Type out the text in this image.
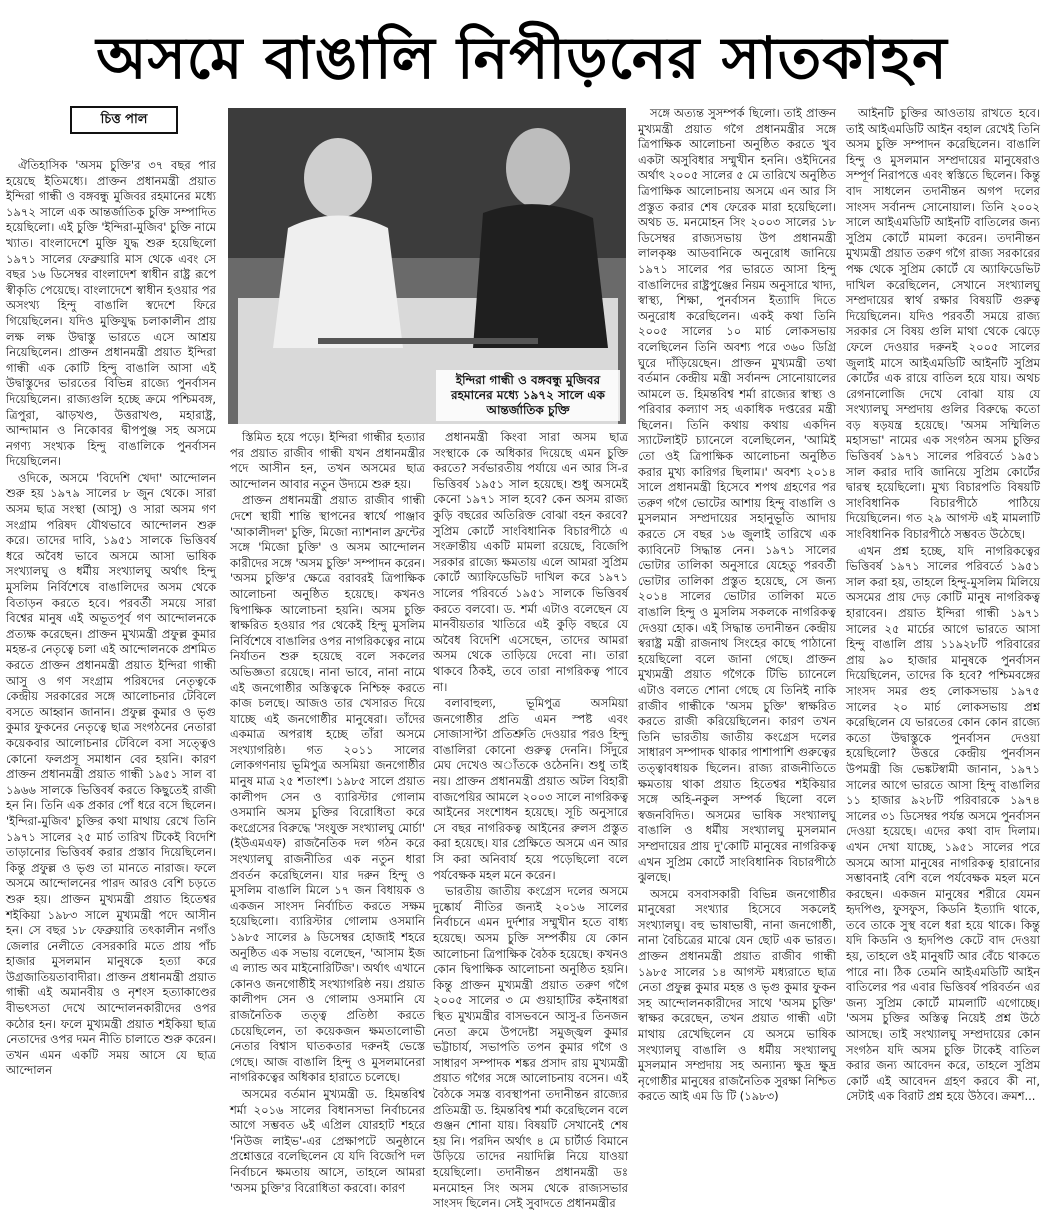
অসমে বাঙালি নিপীড়নের সাতকাহন
চিত্ত পাল
ইন্দিরা গান্ধী ও বঙ্গবন্ধু মুজিবর রহমানের মধ্যে ১৯৭২ সালে এক আন্তর্জাতিক চুক্তি

ঐতিহাসিক 'অসম চুক্তি'র ৩৭ বছর পার হয়েছে ইতিমধ্যে। প্রাক্তন প্রধানমন্ত্রী প্রয়াত ইন্দিরা গান্ধী ও বঙ্গবন্ধু মুজিবর রহমানের মধ্যে ১৯৭২ সালে এক আন্তর্জাতিক চুক্তি সম্পাদিত হয়েছিলো। এই চুক্তি 'ইন্দিরা-মুজিব' চুক্তি নামে খ্যাত। বাংলাদেশে মুক্তি যুদ্ধ শুরু হয়েছিলো ১৯৭১ সালের ফেব্রুয়ারি মাস থেকে এবং সে বছর ১৬ ডিসেম্বর বাংলাদেশ স্বাধীন রাষ্ট্র রূপে স্বীকৃতি পেয়েছে। বাংলাদেশে স্বাধীন হওয়ার পর অসংখ্য হিন্দু বাঙালি স্বদেশে ফিরে গিয়েছিলেন। যদিও মুক্তিযুদ্ধ চলাকালীন প্রায় লক্ষ লক্ষ উদ্বাস্তু ভারতে এসে আশ্রয় নিয়েছিলেন। প্রাক্তন প্রধানমন্ত্রী প্রয়াত ইন্দিরা গান্ধী এক কোটি হিন্দু বাঙালি আসা এই উদ্বাস্তুদের ভারতের বিভিন্ন রাজ্যে পুনর্বাসন দিয়েছিলেন। রাজ্যগুলি হচ্ছে ক্রমে পশ্চিমবঙ্গ, ত্রিপুরা, ঝাড়খণ্ড, উত্তরাখণ্ড, মহারাষ্ট্র, আন্দামান ও নিকোবর দ্বীপপুঞ্জ সহ অসমে নগণ্য সংখ্যক হিন্দু বাঙালিকে পুনর্বাসন দিয়েছিলেন।

ওদিকে, অসমে 'বিদেশি খেদা' আন্দোলন শুরু হয় ১৯৭৯ সালের ৮ জুন থেকে। সারা অসম ছাত্র সংস্থা (আসু) ও সারা অসম গণ সংগ্রাম পরিষদ যৌথভাবে আন্দোলন শুরু করে। তাদের দাবি, ১৯৫১ সালকে ভিত্তিবর্ষ ধরে অবৈধ ভাবে অসমে আসা ভাষিক সংখ্যালঘু ও ধর্মীয় সংখ্যালঘু অর্থাৎ হিন্দু মুসলিম নির্বিশেষে বাঙালিদের অসম থেকে বিতাড়ন করতে হবে। পরবর্তী সময়ে সারা বিশ্বের মানুষ এই অভূতপূর্ব গণ আন্দোলনকে প্রত্যক্ষ করেছেন। প্রাক্তন মুখ্যমন্ত্রী প্রফুল্ল কুমার মহন্ত-র নেতৃত্বে চলা এই আন্দোলনকে প্রশমিত করতে প্রাক্তন প্রধানমন্ত্রী প্রয়াত ইন্দিরা গান্ধী আসু ও গণ সংগ্রাম পরিষদের নেতৃত্বকে কেন্দ্রীয় সরকারের সঙ্গে আলোচনার টেবিলে বসতে আহ্বান জানান। প্রফুল্ল কুমার ও ভৃগু কুমার ফুকনের নেতৃত্বে ছাত্র সংগঠনের নেতারা কয়েকবার আলোচনার টেবিলে বসা সত্ত্বেও কোনো ফলপ্রসূ সমাধান বের হয়নি। কারণ প্রাক্তন প্রধানমন্ত্রী প্রয়াত গান্ধী ১৯৫১ সাল বা ১৯৬৬ সালকে ভিত্তিবর্ষ করতে কিছুতেই রাজী হন নি। তিনি এক প্রকার পোঁ ধরে বসে ছিলেন। 'ইন্দিরা-মুজিব' চুক্তির কথা মাথায় রেখে তিনি ১৯৭১ সালের ২৫ মার্চ তারিখ টিকেই বিদেশি তাড়ানোর ভিত্তিবর্ষ করার প্রস্তাব দিয়েছিলেন। কিন্তু প্রফুল্ল ও ভৃগু তা মানতে নারাজ। ফলে অসমে আন্দোলনের পারদ আরও বেশি চড়তে শুরু হয়। প্রাক্তন মুখ্যমন্ত্রী প্রয়াত হিতেশ্বর শইকিয়া ১৯৮৩ সালে মুখ্যমন্ত্রী পদে আসীন হন। সে বছর ১৮ ফেব্রুয়ারি তৎকালীন নগাঁও জেলার নেলীতে বেসরকারি মতে প্রায় পাঁচ হাজার মুসলমান মানুষকে হত্যা করে উগ্রজাতিয়তাবাদীরা। প্রাক্তন প্রধানমন্ত্রী প্রয়াত গান্ধী এই অমানবীয় ও নৃশংস হত্যাকাণ্ডের বীভৎসতা দেখে আন্দোলনকারীদের ওপর কঠোর হন। ফলে মুখ্যমন্ত্রী প্রয়াত শইকিয়া ছাত্র নেতাদের ওপর দমন নীতি চালাতে শুরু করেন। তখন এমন একটি সময় আসে যে ছাত্র আন্দোলন

স্তিমিত হয়ে পড়ে। ইন্দিরা গান্ধীর হত্যার পর প্রয়াত রাজীব গান্ধী যখন প্রধানমন্ত্রীর পদে আসীন হন, তখন অসমের ছাত্র আন্দোলন আবার নতুন উদ্যমে শুরু হয়।

প্রাক্তন প্রধানমন্ত্রী প্রয়াত রাজীব গান্ধী দেশে স্থায়ী শান্তি স্থাপনের স্বার্থে পাঞ্জাব 'আকালীদল' চুক্তি, মিজো ন্যাশনাল ফ্রন্টের সঙ্গে 'মিজো চুক্তি' ও অসম আন্দোলন কারীদের সঙ্গে 'অসম চুক্তি' সম্পাদন করেন। 'অসম চুক্তি'র ক্ষেত্রে বরাবরই ত্রিপাক্ষিক আলোচনা অনুষ্ঠিত হয়েছে। কখনও দ্বিপাক্ষিক আলোচনা হয়নি। অসম চুক্তি স্বাক্ষরিত হওয়ার পর থেকেই হিন্দু মুসলিম নির্বিশেষে বাঙালির ওপর নাগরিকত্বের নামে নির্যাতন শুরু হয়েছে বলে সকলের অভিজ্ঞতা রয়েছে। নানা ভাবে, নানা নামে এই জনগোষ্ঠীর অস্তিত্বকে নিশ্চিহ্ন করতে কাজ চলছে। আজও তার খেসারত দিয়ে যাচ্ছে এই জনগোষ্ঠীর মানুষেরা। তাঁদের একমাত্র অপরাধ হচ্ছে তাঁরা অসমে সংখ্যাগরিষ্ঠ। গত ২০১১ সালের লোকগণনায় ভূমিপুত্র অসমিয়া জনগোষ্ঠীর মানুষ মাত্র ২৫ শতাংশ। ১৯৮৫ সালে প্রয়াত কালীপদ সেন ও ব্যারিস্টার গোলাম ওসমানি অসম চুক্তির বিরোধিতা করে কংগ্রেসের বিরুদ্ধে 'সংযুক্ত সংখ্যালঘু মোর্চা' (ইউএমএফ) রাজনৈতিক দল গঠন করে সংখ্যালঘু রাজনীতির এক নতুন ধারা প্রবর্তন করেছিলেন। যার দরুন হিন্দু ও মুসলিম বাঙালি মিলে ১৭ জন বিধায়ক ও একজন সাংসদ নির্বাচিত করতে সক্ষম হয়েছিলো। ব্যারিস্টার গোলাম ওসমানি ১৯৮৫ সালের ৯ ডিসেম্বর হোজাই শহরে অনুষ্ঠিত এক সভায় বলেছেন, 'আসাম ইজ এ ল্যান্ড অব মাইনোরিটিজ'। অর্থাৎ এখানে কোনও জনগোষ্ঠীই সংখ্যাগরিষ্ঠ নয়। প্রয়াত কালীপদ সেন ও গোলাম ওসমানি যে রাজনৈতিক তত্ত্ব প্রতিষ্ঠা করতে চেয়েছিলেন, তা কয়েকজন ক্ষমতালোভী নেতার বিশ্বাস ঘাতকতার দরুনই ভেস্তে গেছে। আজ বাঙালি হিন্দু ও মুসলমানেরা নাগরিকত্বের অধিকার হারাতে চলেছে।

অসমের বর্তমান মুখ্যমন্ত্রী ড. হিমন্তবিশ্ব শর্মা ২০১৬ সালের বিধানসভা নির্বাচনের আগে সম্ভবত ৬ই এপ্রিল যোরহাট শহরে 'নিউজ লাইভ'-এর প্রেক্ষাপটে অনুষ্ঠানে প্রশ্নোত্তরে বলেছিলেন যে যদি বিজেপি দল নির্বাচনে ক্ষমতায় আসে, তাহলে আমরা 'অসম চুক্তি'র বিরোধিতা করবো। কারণ

প্রধানমন্ত্রী কিংবা সারা অসম ছাত্র সংস্থাকে কে অধিকার দিয়েছে এমন চুক্তি করতে? সর্বভারতীয় পর্যায়ে এন আর সি-র ভিত্তিবর্ষ ১৯৫১ সাল হয়েছে। শুধু অসমেই কেনো ১৯৭১ সাল হবে? কেন অসম রাজ্য কুড়ি বছরের অতিরিক্ত বোঝা বহন করবে? সুপ্রিম কোর্টে সাংবিধানিক বিচারপীঠে এ সংক্রান্তীয় একটি মামলা রয়েছে, বিজেপি সরকার রাজ্যে ক্ষমতায় এলে আমরা সুপ্রিম কোর্টে অ্যাফিডেভিট দাখিল করে ১৯৭১ সালের পরিবর্তে ১৯৫১ সালকে ভিত্তিবর্ষ করতে বলবো। ড. শর্মা এটাও বলেছেন যে মানবীয়তার খাতিরে এই কুড়ি বছরে যে অবৈধ বিদেশি এসেছেন, তাদের আমরা অসম থেকে তাড়িয়ে দেবো না। তারা থাকবে ঠিকই, তবে তারা নাগরিকত্ব পাবে না।

বলাবাহুল্য, ভূমিপুত্র অসমিয়া জনগোষ্ঠীর প্রতি এমন স্পষ্ট এবং সোজাসাপ্টা প্রতিশ্রুতি দেওয়ার পরও হিন্দু বাঙালিরা কোনো গুরুত্ব দেননি। সিঁদুরে মেঘ দেখেও অাঁতকে ওঠেননি। শুধু তাই নয়। প্রাক্তন প্রধানমন্ত্রী প্রয়াত অটল বিহারী বাজপেয়ির আমলে ২০০৩ সালে নাগরিকত্ব আইনের সংশোধন হয়েছে। সূচি অনুসারে সে বছর নাগরিকত্ব আইনের রুলস প্রস্তুত করা হয়েছে। যার প্রেক্ষিতে অসমে এন আর সি করা অনিবার্য হয়ে পড়েছিলো বলে পর্যবেক্ষক মহল মনে করেন।

ভারতীয় জাতীয় কংগ্রেস দলের অসমে দুষ্কাের্য নীতির জন্যই ২০১৬ সালের নির্বাচনে এমন দুর্দশার সম্মুখীন হতে বাধ্য হয়েছে। অসম চুক্তি সম্পর্কীয় যে কোন আলোচনা ত্রিপাক্ষিক বৈঠক হয়েছে। কখনও কোন দ্বিপাক্ষিক আলোচনা অনুষ্ঠিত হয়নি। কিন্তু প্রাক্তন মুখ্যমন্ত্রী প্রয়াত তরুণ গগৈ ২০০৫ সালের ৩ মে গুয়াহাটির কইনাধরা স্থিত মুখ্যমন্ত্রীর বাসভবনে আসু-র তিনজন নেতা ক্রমে উপদেষ্টা সমুজ্জ্বল কুমার ভট্টাচার্য, সভাপতি তপন কুমার গগৈ ও সাধারণ সম্পাদক শঙ্কর প্রসাদ রায় মুখ্যমন্ত্রী প্রয়াত গগৈর সঙ্গে আলোচনায় বসেন। এই বৈঠকে সমস্ত ব্যবস্থাপনা তদানীন্তন রাজ্যের প্রতিমন্ত্রী ড. হিমন্তবিশ্ব শর্মা করেছিলেন বলে গুঞ্জন শোনা যায়। বিষয়টি সেখানেই শেষ হয় নি। পরদিন অর্থাৎ ৪ মে চার্টার্ড বিমানে উড়িয়ে তাদের নয়াদিল্লি নিয়ে যাওয়া হয়েছিলো। তদানীন্তন প্রধানমন্ত্রী ডঃ মনমোহন সিং অসম থেকে রাজ্যসভার সাংসদ ছিলেন। সেই সুবাদতে প্রধানমন্ত্রীর

সঙ্গে অত্যন্ত সুসম্পর্ক ছিলো। তাই প্রাক্তন মুখ্যমন্ত্রী প্রয়াত গগৈ প্রধানমন্ত্রীর সঙ্গে ত্রিপাক্ষিক আলোচনা অনুষ্ঠিত করতে খুব একটা অসুবিধার সম্মুখীন হননি। ওইদিনের অর্থাৎ ২০০৫ সালের ৫ মে তারিখে অনুষ্ঠিত ত্রিপাক্ষিক আলোচনায় অসমে এন আর সি প্রস্তুত করার শেষ ফেরেক মারা হয়েছিলো। অথচ ড. মনমোহন সিং ২০০৩ সালের ১৮ ডিসেম্বর রাজ্যসভায় উপ প্রধানমন্ত্রী লালকৃষ্ণ আডবানিকে অনুরোধ জানিয়ে ১৯৭১ সালের পর ভারতে আসা হিন্দু বাঙালিদের রাষ্ট্রপুঞ্জের নিয়ম অনুসারে খাদ্য, স্বাস্থ্য, শিক্ষা, পুনর্বাসন ইত্যাদি দিতে অনুরোধ করেছিলেন। একই কথা তিনি ২০০৫ সালের ১০ মার্চ লোকসভায় বলেছিলেন তিনি অবশ্য পরে ৩৬০ ডিগ্রি ঘুরে দাঁড়িয়েছেন। প্রাক্তন মুখ্যমন্ত্রী তথা বর্তমান কেন্দ্রীয় মন্ত্রী সর্বানন্দ সোনোয়ালের আমলে ড. হিমন্তবিশ্ব শর্মা রাজ্যের স্বাস্থ্য ও পরিবার কল্যাণ সহ একাধিক দপ্তরের মন্ত্রী ছিলেন। তিনি কথায় কথায় একদিন স্যাটেলাইট চ্যানেলে বলেছিলেন, 'আমিই তো ওই ত্রিপাক্ষিক আলোচনা অনুষ্ঠিত করার মুখ্য কারিগর ছিলাম।' অবশ্য ২০১৪ সালে প্রধানমন্ত্রী হিসেবে শপথ গ্রহণের পর তরুণ গগৈ ভোটের আশায় হিন্দু বাঙালি ও মুসলমান সম্প্রদায়ের সহানুভূতি আদায় করতে সে বছর ১৬ জুলাই তারিখে এক ক্যাবিনেট সিদ্ধান্ত নেন। ১৯৭১ সালের ভোটার তালিকা অনুসারে যেহেতু পরবর্তী ভোটার তালিকা প্রস্তুত হয়েছে, সে জন্য ২০১৪ সালের ভোটার তালিকা মতে বাঙালি হিন্দু ও মুসলিম সকলকে নাগরিকত্ব দেওয়া হোক। এই সিদ্ধান্ত তদানীন্তন কেন্দ্রীয় স্বরাষ্ট্র মন্ত্রী রাজনাথ সিংহের কাছে পাঠানো হয়েছিলো বলে জানা গেছে। প্রাক্তন মুখ্যমন্ত্রী প্রয়াত গগৈকে টিভি চ্যানেলে এটাও বলতে শোনা গেছে যে তিনিই নাকি রাজীব গান্ধীকে 'অসম চুক্তি' স্বাক্ষরিত করতে রাজী করিয়েছিলেন। কারণ তখন তিনি ভারতীয় জাতীয় কংগ্রেস দলের সাধারণ সম্পাদক থাকার পাশাপাশি গুরুত্বের তত্ত্বাবধায়ক ছিলেন। রাজ্য রাজনীতিতে ক্ষমতায় থাকা প্রয়াত হিতেশ্বর শইকিয়ার সঙ্গে অহি-নকুল সম্পর্ক ছিলো বলে স্বজনবিদিত। অসমের ভাষিক সংখ্যালঘু বাঙালি ও ধর্মীয় সংখ্যালঘু মুসলমান সম্প্রদায়ের প্রায় দু'কোটি মানুষের নাগরিকত্ব এখন সুপ্রিম কোর্টে সাংবিধানিক বিচারপীঠে ঝুলছে।

অসমে বসবাসকারী বিভিন্ন জনগোষ্ঠীর মানুষেরা সংখ্যার হিসেবে সকলেই সংখ্যালঘু। বহু ভাষাভাষী, নানা জনগোষ্ঠী, নানা বৈচিত্রের মাঝে যেন ছোট এক ভারত। প্রাক্তন প্রধানমন্ত্রী প্রয়াত রাজীব গান্ধী ১৯৮৫ সালের ১৪ আগস্ট মধ্যরাতে ছাত্র নেতা প্রফুল্ল কুমার মহন্ত ও ভৃগু কুমার ফুকন সহ আন্দোলনকারীদের সাথে 'অসম চুক্তি' স্বাক্ষর করেছেন, তখন প্রয়াত গান্ধী এটা মাথায় রেখেছিলেন যে অসমে ভাষিক সংখ্যালঘু বাঙালি ও ধর্মীয় সংখ্যালঘু মুসলমান সম্প্রদায় সহ অন্যান্য ক্ষুদ্র ক্ষুদ্র নৃগোষ্ঠীর মানুষের রাজনৈতিক সুরক্ষা নিশ্চিত করতে আই এম ডি টি (১৯৮৩)

আইনটি চুক্তির আওতায় রাখতে হবে। তাই আইএমডিটি আইন বহাল রেখেই তিনি অসম চুক্তি সম্পাদন করেছিলেন। বাঙালি হিন্দু ও মুসলমান সম্প্রদায়ের মানুষেরাও সম্পূর্ণ নিরাপত্তে এবং স্বস্তিতে ছিলেন। কিন্তু বাদ সাধলেন তদানীন্তন অগপ দলের সাংসদ সর্বানন্দ সোনোয়াল। তিনি ২০০২ সালে আইএমডিটি আইনটি বাতিলের জন্য সুপ্রিম কোর্টে মামলা করেন। তদানীন্তন মুখ্যমন্ত্রী প্রয়াত তরুণ গগৈ রাজ্য সরকারের পক্ষ থেকে সুপ্রিম কোর্টে যে অ্যাফিডেভিট দাখিল করেছিলেন, সেখানে সংখ্যালঘু সম্প্রদায়ের স্বার্থ রক্ষার বিষয়টি গুরুত্ব দিয়েছিলেন। যদিও পরবর্তী সময়ে রাজ্য সরকার সে বিষয় গুলি মাথা থেকে ঝেড়ে ফেলে দেওয়ার দরুনই ২০০৫ সালের জুলাই মাসে আইএমডিটি আইনটি সুপ্রিম কোর্টের এক রায়ে বাতিল হয়ে যায়। অথচ রেগনালোজি দেখে বোঝা যায় যে সংখ্যালঘু সম্প্রদায় গুলির বিরুদ্ধে কতো বড় ষড়যন্ত্র হয়েছে। 'অসম সম্মিলিত মহাসভা' নামের এক সংগঠন অসম চুক্তির ভিত্তিবর্ষ ১৯৭১ সালের পরিবর্তে ১৯৫১ সাল করার দাবি জানিয়ে সুপ্রিম কোর্টের দ্বারস্থ হয়েছিলো। মুখ্য বিচারপতি বিষয়টি সাংবিধানিক বিচারপীঠে পাঠিয়ে দিয়েছিলেন। গত ২৯ আগস্ট এই মামলাটি সাংবিধানিক বিচারপীঠে সম্ভবত উঠেছে।

এখন প্রশ্ন হচ্ছে, যদি নাগরিকত্বের ভিত্তিবর্ষ ১৯৭১ সালের পরিবর্তে ১৯৫১ সাল করা হয়, তাহলে হিন্দু-মুসলিম মিলিয়ে অসমের প্রায় দেড় কোটি মানুষ নাগরিকত্ব হারাবেন। প্রয়াত ইন্দিরা গান্ধী ১৯৭১ সালের ২৫ মার্চের আগে ভারতে আসা হিন্দু বাঙালি প্রায় ১১৯২৮টি পরিবারের প্রায় ৯০ হাজার মানুষকে পুনর্বাসন দিয়েছিলেন, তাদের কি হবে? পশ্চিমবঙ্গের সাংসদ সমর গুহ লোকসভায় ১৯৭৫ সালের ২০ মার্চ লোকসভায় প্রশ্ন করেছিলেন যে ভারতের কোন কোন রাজ্যে কতো উদ্বাস্তুকে পুনর্বাসন দেওয়া হয়েছিলো? উত্তরে কেন্দ্রীয় পুনর্বাসন উপমন্ত্রী জি ভেঙ্কটস্বামী জানান, ১৯৭১ সালের আগে ভারতে আসা হিন্দু বাঙালির ১১ হাজার ৯২৮টি পরিবারকে ১৯৭৪ সালের ৩১ ডিসেম্বর পর্যন্ত অসমে পুনর্বাসন দেওয়া হয়েছে। এদের কথা বাদ দিলাম। এখন দেখা যাচ্ছে, ১৯৫১ সালের পরে অসমে আসা মানুষের নাগরিকত্ব হারানোর সম্ভাবনাই বেশি বলে পর্যবেক্ষক মহল মনে করছেন। একজন মানুষের শরীরে যেমন হৃদপিণ্ড, ফুসফুস, কিডনি ইত্যাদি থাকে, তবে তাকে সুস্থ বলে ধরা হয়ে থাকে। কিন্তু যদি কিডনি ও হৃদপিণ্ড কেটে বাদ দেওয়া হয়, তাহলে ওই মানুষটি আর বেঁচে থাকতে পারে না। ঠিক তেমনি আইএমডিটি আইন বাতিলের পর এবার ভিত্তিবর্ষ পরিবর্তন এর জন্য সুপ্রিম কোর্টে মামলাটি এগোচ্ছে। 'অসম চুক্তির অস্তিত্ব নিয়েই প্রশ্ন উঠে আসছে। তাই সংখ্যালঘু সম্প্রদায়ের কোন সংগঠন যদি অসম চুক্তি টাকেই বাতিল করার জন্য আবেদন করে, তাহলে সুপ্রিম কোর্ট এই আবেদন গ্রহণ করবে কী না, সেটাই এক বিরাট প্রশ্ন হয়ে উঠবে। ক্রমশ...
